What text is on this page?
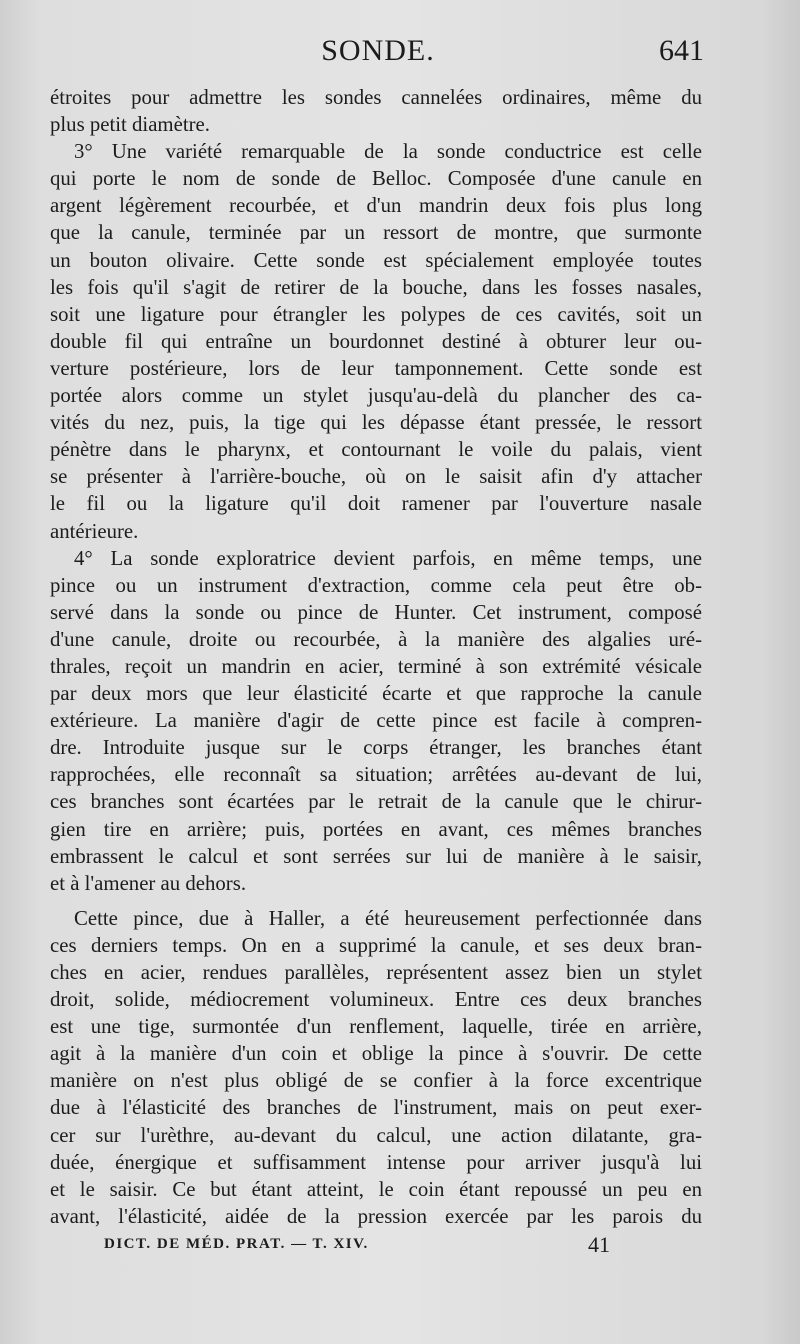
SONDE.	641
étroites pour admettre les sondes cannelées ordinaires, même du
plus petit diamètre.
3° Une variété remarquable de la sonde conductrice est celle
qui porte le nom de sonde de Belloc. Composée d'une canule en
argent légèrement recourbée, et d'un mandrin deux fois plus long
que la canule, terminée par un ressort de montre, que surmonte
un bouton olivaire. Cette sonde est spécialement employée toutes
les fois qu'il s'agit de retirer de la bouche, dans les fosses nasales,
soit une ligature pour étrangler les polypes de ces cavités, soit un
double fil qui entraîne un bourdonnet destiné à obturer leur ou-
verture postérieure, lors de leur tamponnement. Cette sonde est
portée alors comme un stylet jusqu'au-delà du plancher des ca-
vités du nez, puis, la tige qui les dépasse étant pressée, le ressort
pénètre dans le pharynx, et contournant le voile du palais, vient
se présenter à l'arrière-bouche, où on le saisit afin d'y attacher
le fil ou la ligature qu'il doit ramener par l'ouverture nasale
antérieure.
4° La sonde exploratrice devient parfois, en même temps, une
pince ou un instrument d'extraction, comme cela peut être ob-
servé dans la sonde ou pince de Hunter. Cet instrument, composé
d'une canule, droite ou recourbée, à la manière des algalies uré-
thrales, reçoit un mandrin en acier, terminé à son extrémité vésicale
par deux mors que leur élasticité écarte et que rapproche la canule
extérieure. La manière d'agir de cette pince est facile à compren-
dre. Introduite jusque sur le corps étranger, les branches étant
rapprochées, elle reconnaît sa situation; arrêtées au-devant de lui,
ces branches sont écartées par le retrait de la canule que le chirur-
gien tire en arrière; puis, portées en avant, ces mêmes branches
embrassent le calcul et sont serrées sur lui de manière à le saisir,
et à l'amener au dehors.
Cette pince, due à Haller, a été heureusement perfectionnée dans
ces derniers temps. On en a supprimé la canule, et ses deux bran-
ches en acier, rendues parallèles, représentent assez bien un stylet
droit, solide, médiocrement volumineux. Entre ces deux branches
est une tige, surmontée d'un renflement, laquelle, tirée en arrière,
agit à la manière d'un coin et oblige la pince à s'ouvrir. De cette
manière on n'est plus obligé de se confier à la force excentrique
due à l'élasticité des branches de l'instrument, mais on peut exer-
cer sur l'urèthre, au-devant du calcul, une action dilatante, gra-
duée, énergique et suffisamment intense pour arriver jusqu'à lui
et le saisir. Ce but étant atteint, le coin étant repoussé un peu en
avant, l'élasticité, aidée de la pression exercée par les parois du
DICT. DE MÉD. PRAT. — T. XIV.	41
